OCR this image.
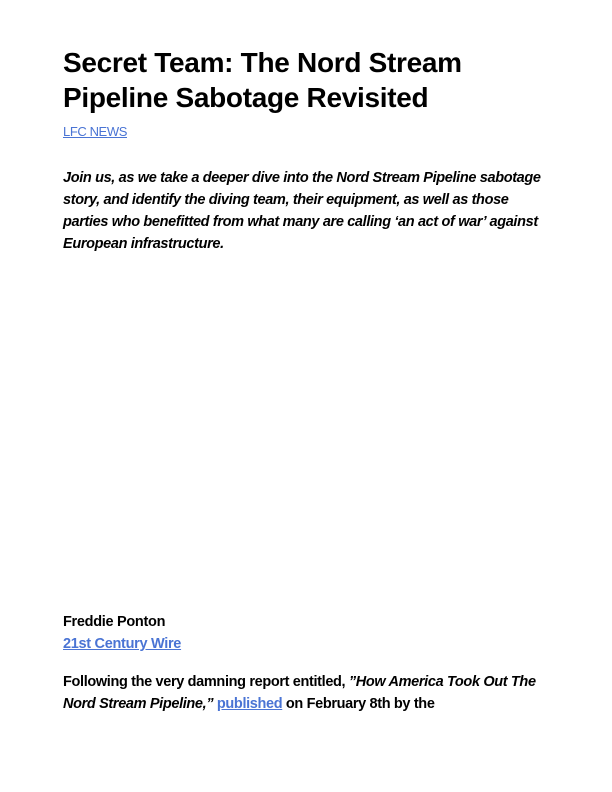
Secret Team: The Nord Stream Pipeline Sabotage Revisited
LFC NEWS

Join us, as we take a deeper dive into the Nord Stream Pipeline sabotage story, and identify the diving team, their equipment, as well as those parties who benefitted from what many are calling ‘an act of war’ against European infrastructure.

Freddie Ponton
21st Century Wire

Following the very damning report entitled, ”How America Took Out The Nord Stream Pipeline,” published on February 8th by the
